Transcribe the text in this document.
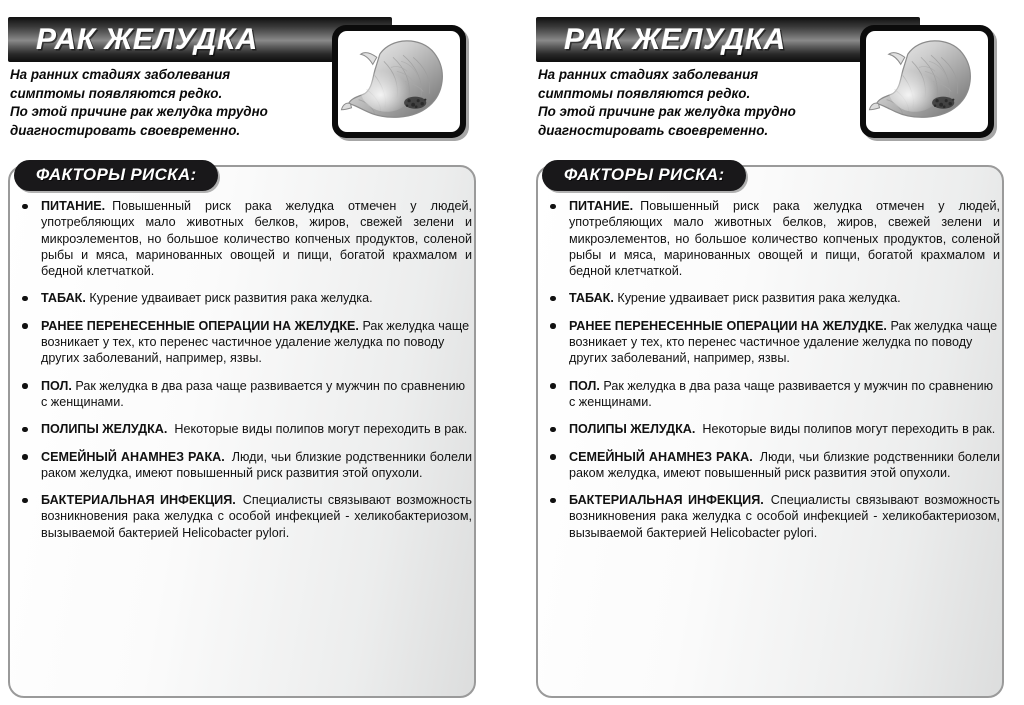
РАК ЖЕЛУДКА
На ранних стадиях заболевания
симптомы появляются редко.
По этой причине рак желудка трудно
диагностировать своевременно.
ФАКТОРЫ РИСКА:

ПИТАНИЕ. Повышенный риск рака желудка отмечен у людей, употребляющих мало животных белков, жиров, свежей зелени и микроэлементов, но большое количество копченых продуктов, соленой рыбы и мяса, маринованных овощей и пищи, богатой крахмалом и бедной клетчаткой.

ТАБАК. Курение удваивает риск развития рака желудка.

РАНЕЕ ПЕРЕНЕСЕННЫЕ ОПЕРАЦИИ НА ЖЕЛУДКЕ. Рак желудка чаще возникает у тех, кто перенес частичное удаление желудка по поводу других заболеваний, например, язвы.

ПОЛ. Рак желудка в два раза чаще развивается у мужчин по сравнению с женщинами.

ПОЛИПЫ ЖЕЛУДКА. Некоторые виды полипов могут переходить в рак.

СЕМЕЙНЫЙ АНАМНЕЗ РАКА. Люди, чьи близкие родственники болели раком желудка, имеют повышенный риск развития этой опухоли.

БАКТЕРИАЛЬНАЯ ИНФЕКЦИЯ. Специалисты связывают возможность возникновения рака желудка с особой инфекцией - хеликобактериозом, вызываемой бактерией Helicobacter pylori.

РАК ЖЕЛУДКА
На ранних стадиях заболевания
симптомы появляются редко.
По этой причине рак желудка трудно
диагностировать своевременно.
ФАКТОРЫ РИСКА:

ПИТАНИЕ. Повышенный риск рака желудка отмечен у людей, употребляющих мало животных белков, жиров, свежей зелени и микроэлементов, но большое количество копченых продуктов, соленой рыбы и мяса, маринованных овощей и пищи, богатой крахмалом и бедной клетчаткой.

ТАБАК. Курение удваивает риск развития рака желудка.

РАНЕЕ ПЕРЕНЕСЕННЫЕ ОПЕРАЦИИ НА ЖЕЛУДКЕ. Рак желудка чаще возникает у тех, кто перенес частичное удаление желудка по поводу других заболеваний, например, язвы.

ПОЛ. Рак желудка в два раза чаще развивается у мужчин по сравнению с женщинами.

ПОЛИПЫ ЖЕЛУДКА. Некоторые виды полипов могут переходить в рак.

СЕМЕЙНЫЙ АНАМНЕЗ РАКА. Люди, чьи близкие родственники болели раком желудка, имеют повышенный риск развития этой опухоли.

БАКТЕРИАЛЬНАЯ ИНФЕКЦИЯ. Специалисты связывают возможность возникновения рака желудка с особой инфекцией - хеликобактериозом, вызываемой бактерией Helicobacter pylori.
